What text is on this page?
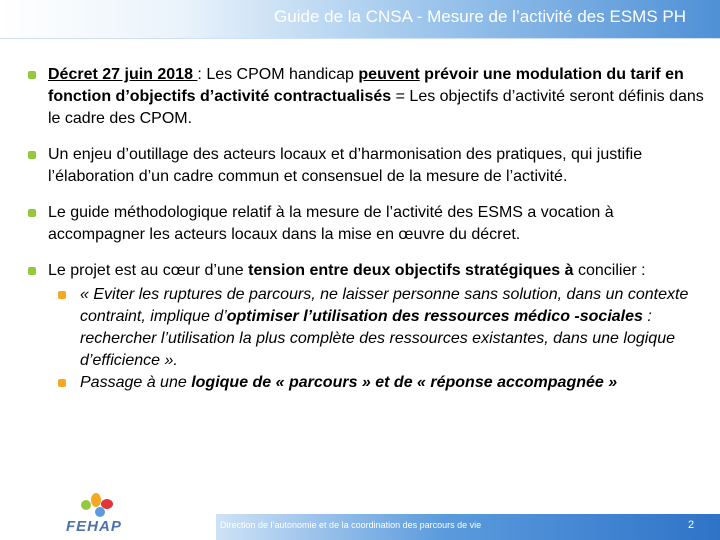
Guide de la CNSA - Mesure de l’activité des ESMS PH
Décret 27 juin 2018 : Les CPOM handicap peuvent prévoir une modulation du tarif en fonction d’objectifs d’activité contractualisés = Les objectifs d’activité seront définis dans le cadre des CPOM.
Un enjeu d’outillage des acteurs locaux et d’harmonisation des pratiques, qui justifie l’élaboration d’un cadre commun et consensuel de la mesure de l’activité.
Le guide méthodologique relatif à la mesure de l’activité des ESMS a vocation à accompagner les acteurs locaux dans la mise en œuvre du décret.
Le projet est au cœur d’une tension entre deux objectifs stratégiques à concilier :
« Eviter les ruptures de parcours, ne laisser personne sans solution, dans un contexte contraint, implique d’optimiser l’utilisation des ressources médico -sociales : rechercher l’utilisation la plus complète des ressources existantes, dans une logique d’efficience ».
Passage à une logique de « parcours » et de « réponse accompagnée »
FEHAP	Direction de l’autonomie et de la coordination des parcours de vie	2
